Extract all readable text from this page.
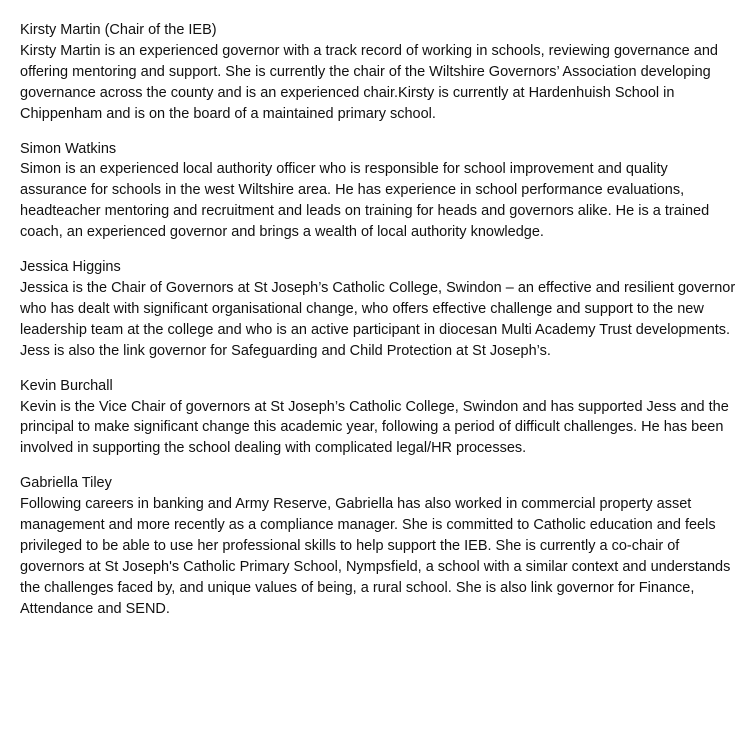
Kirsty Martin (Chair of the IEB)
Kirsty Martin is an experienced governor with a track record of working in schools, reviewing governance and offering mentoring and support. She is currently the chair of the Wiltshire Governors’ Association developing governance across the county and is an experienced chair.Kirsty is currently at Hardenhuish School in Chippenham and is on the board of a maintained primary school.
Simon Watkins
Simon is an experienced local authority officer who is responsible for school improvement and quality assurance for schools in the west Wiltshire area. He has experience in school performance evaluations, headteacher mentoring and recruitment and leads on training for heads and governors alike. He is a trained coach, an experienced governor and brings a wealth of local authority knowledge.
Jessica Higgins
Jessica is the Chair of Governors at St Joseph’s Catholic College, Swindon – an effective and resilient governor who has dealt with significant organisational change, who offers effective challenge and support to the new leadership team at the college and who is an active participant in diocesan Multi Academy Trust developments. Jess is also the link governor for Safeguarding and Child Protection at St Joseph’s.
Kevin Burchall
Kevin is the Vice Chair of governors at St Joseph’s Catholic College, Swindon and has supported Jess and the principal to make significant change this academic year, following a period of difficult challenges. He has been involved in supporting the school dealing with complicated legal/HR processes.
Gabriella Tiley
Following careers in banking and Army Reserve, Gabriella has also worked in commercial property asset management and more recently as a compliance manager. She is committed to Catholic education and feels privileged to be able to use her professional skills to help support the IEB. She is currently a co-chair of governors at St Joseph's Catholic Primary School, Nympsfield, a school with a similar context and understands the challenges faced by, and unique values of being, a rural school. She is also link governor for Finance, Attendance and SEND.
